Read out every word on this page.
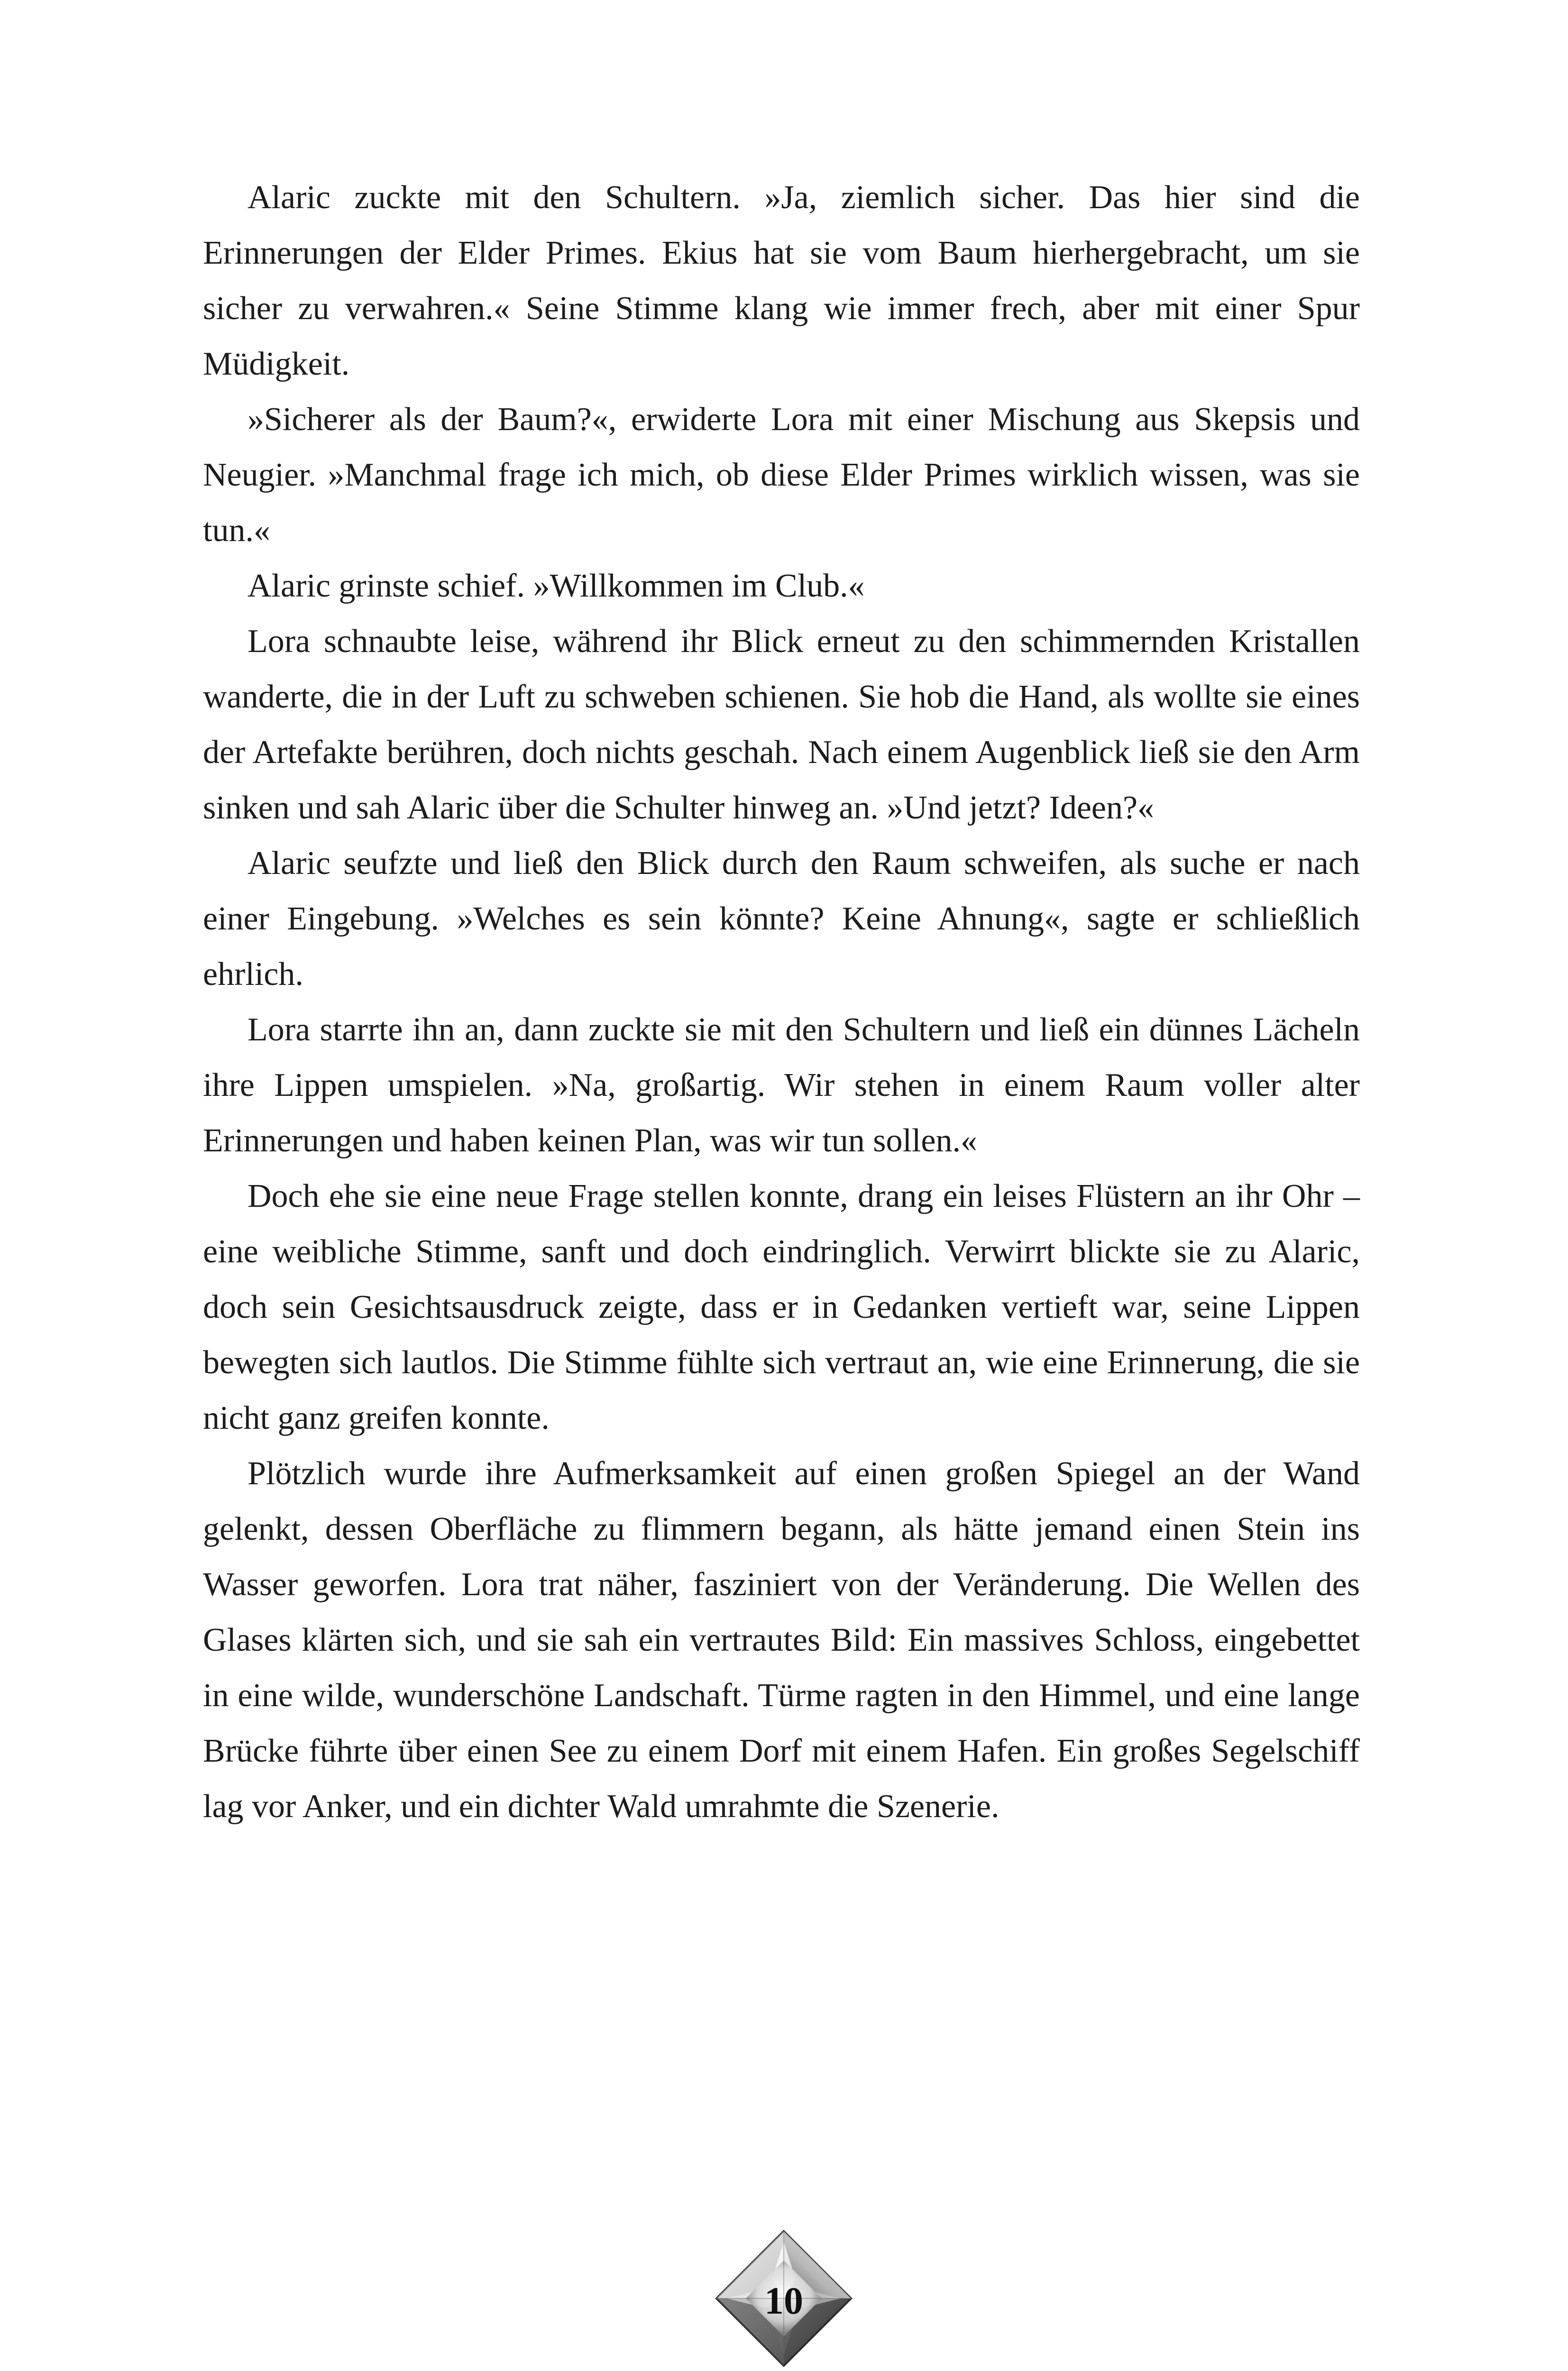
Alaric zuckte mit den Schultern. »Ja, ziemlich sicher. Das hier sind die Erinnerungen der Elder Primes. Ekius hat sie vom Baum hierhergebracht, um sie sicher zu verwahren.« Seine Stimme klang wie immer frech, aber mit einer Spur Müdigkeit.

»Sicherer als der Baum?«, erwiderte Lora mit einer Mischung aus Skepsis und Neugier. »Manchmal frage ich mich, ob diese Elder Primes wirklich wissen, was sie tun.«

Alaric grinste schief. »Willkommen im Club.«

Lora schnaubte leise, während ihr Blick erneut zu den schimmernden Kristallen wanderte, die in der Luft zu schweben schienen. Sie hob die Hand, als wollte sie eines der Artefakte berühren, doch nichts geschah. Nach einem Augenblick ließ sie den Arm sinken und sah Alaric über die Schulter hinweg an. »Und jetzt? Ideen?«

Alaric seufzte und ließ den Blick durch den Raum schweifen, als suche er nach einer Eingebung. »Welches es sein könnte? Keine Ahnung«, sagte er schließlich ehrlich.

Lora starrte ihn an, dann zuckte sie mit den Schultern und ließ ein dünnes Lächeln ihre Lippen umspielen. »Na, großartig. Wir stehen in einem Raum voller alter Erinnerungen und haben keinen Plan, was wir tun sollen.«

Doch ehe sie eine neue Frage stellen konnte, drang ein leises Flüstern an ihr Ohr – eine weibliche Stimme, sanft und doch eindringlich. Verwirrt blickte sie zu Alaric, doch sein Gesichtsausdruck zeigte, dass er in Gedanken vertieft war, seine Lippen bewegten sich lautlos. Die Stimme fühlte sich vertraut an, wie eine Erinnerung, die sie nicht ganz greifen konnte.

Plötzlich wurde ihre Aufmerksamkeit auf einen großen Spiegel an der Wand gelenkt, dessen Oberfläche zu flimmern begann, als hätte jemand einen Stein ins Wasser geworfen. Lora trat näher, fasziniert von der Veränderung. Die Wellen des Glases klärten sich, und sie sah ein vertrautes Bild: Ein massives Schloss, eingebettet in eine wilde, wunderschöne Landschaft. Türme ragten in den Himmel, und eine lange Brücke führte über einen See zu einem Dorf mit einem Hafen. Ein großes Segelschiff lag vor Anker, und ein dichter Wald umrahmte die Szenerie.

10
